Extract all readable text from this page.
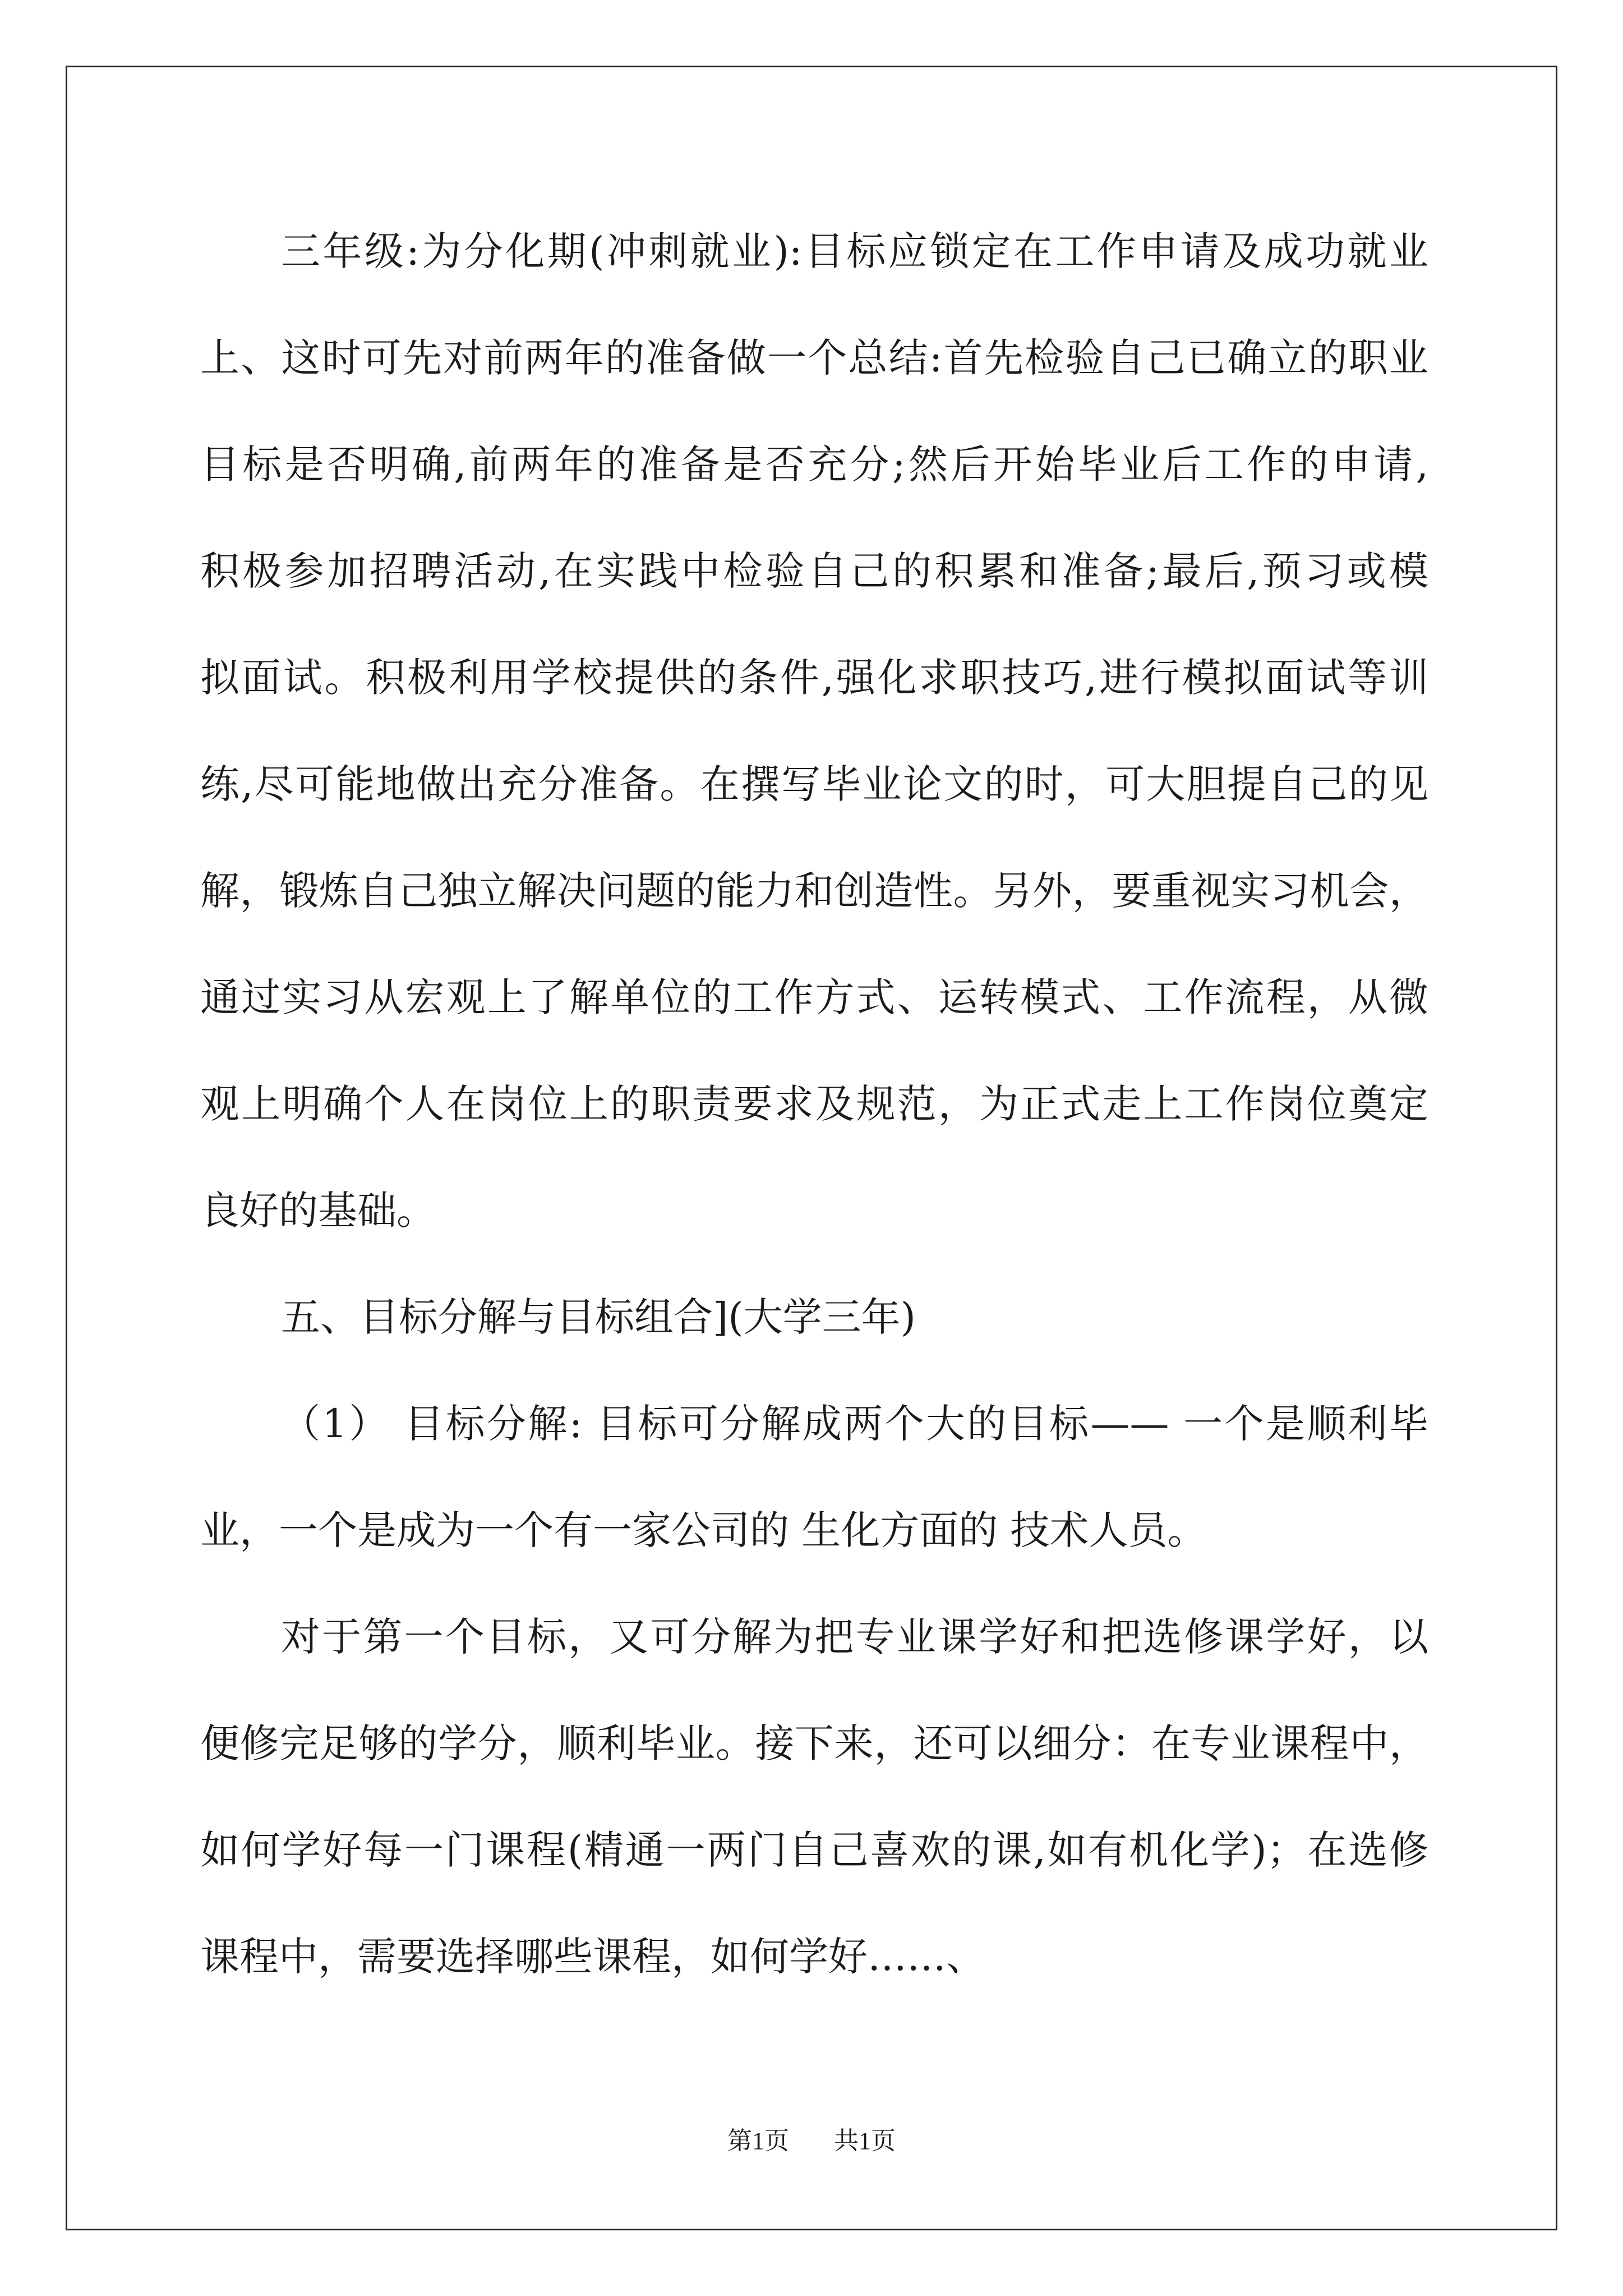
三年级:为分化期(冲刺就业):目标应锁定在工作申请及成功就业
上、这时可先对前两年的准备做一个总结:首先检验自己已确立的职业
目标是否明确,前两年的准备是否充分;然后开始毕业后工作的申请,
积极参加招聘活动,在实践中检验自己的积累和准备;最后,预习或模
拟面试。积极利用学校提供的条件,强化求职技巧,进行模拟面试等训
练,尽可能地做出充分准备。在撰写毕业论文的时，可大胆提自己的见
解，锻炼自己独立解决问题的能力和创造性。另外，要重视实习机会，
通过实习从宏观上了解单位的工作方式、运转模式、工作流程，从微
观上明确个人在岗位上的职责要求及规范，为正式走上工作岗位奠定
良好的基础。
五、目标分解与目标组合](大学三年)
（1） 目标分解: 目标可分解成两个大的目标—— 一个是顺利毕
业，一个是成为一个有一家公司的 生化方面的 技术人员。
对于第一个目标，又可分解为把专业课学好和把选修课学好，以
便修完足够的学分，顺利毕业。接下来，还可以细分：在专业课程中，
如何学好每一门课程(精通一两门自己喜欢的课,如有机化学)；在选修
课程中，需要选择哪些课程，如何学好……、
第1页 共1页
